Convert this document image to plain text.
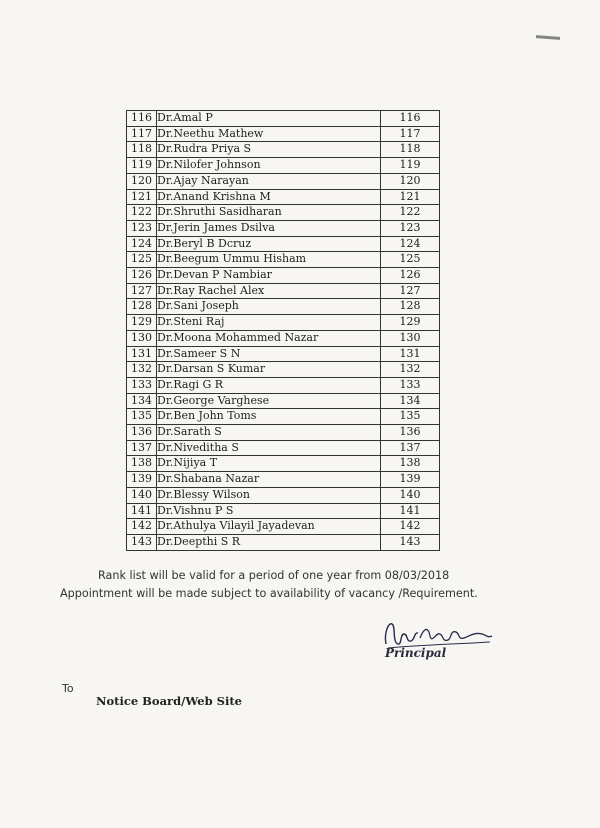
116	Dr.Amal P	116
117	Dr.Neethu Mathew	117
118	Dr.Rudra Priya S	118
119	Dr.Nilofer Johnson	119
120	Dr.Ajay Narayan	120
121	Dr.Anand Krishna M	121
122	Dr.Shruthi Sasidharan	122
123	Dr.Jerin James Dsilva	123
124	Dr.Beryl B Dcruz	124
125	Dr.Beegum Ummu Hisham	125
126	Dr.Devan P Nambiar	126
127	Dr.Ray Rachel Alex	127
128	Dr.Sani Joseph	128
129	Dr.Steni Raj	129
130	Dr.Moona Mohammed Nazar	130
131	Dr.Sameer S N	131
132	Dr.Darsan S Kumar	132
133	Dr.Ragi G R	133
134	Dr.George Varghese	134
135	Dr.Ben John Toms	135
136	Dr.Sarath S	136
137	Dr.Niveditha S	137
138	Dr.Nijiya T	138
139	Dr.Shabana Nazar	139
140	Dr.Blessy Wilson	140
141	Dr.Vishnu P S	141
142	Dr.Athulya Vilayil Jayadevan	142
143	Dr.Deepthi S R	143
Rank list will be valid for a period of one year from 08/03/2018
Appointment will be made subject to availability of vacancy /Requirement.
Principal
To
Notice Board/Web Site
